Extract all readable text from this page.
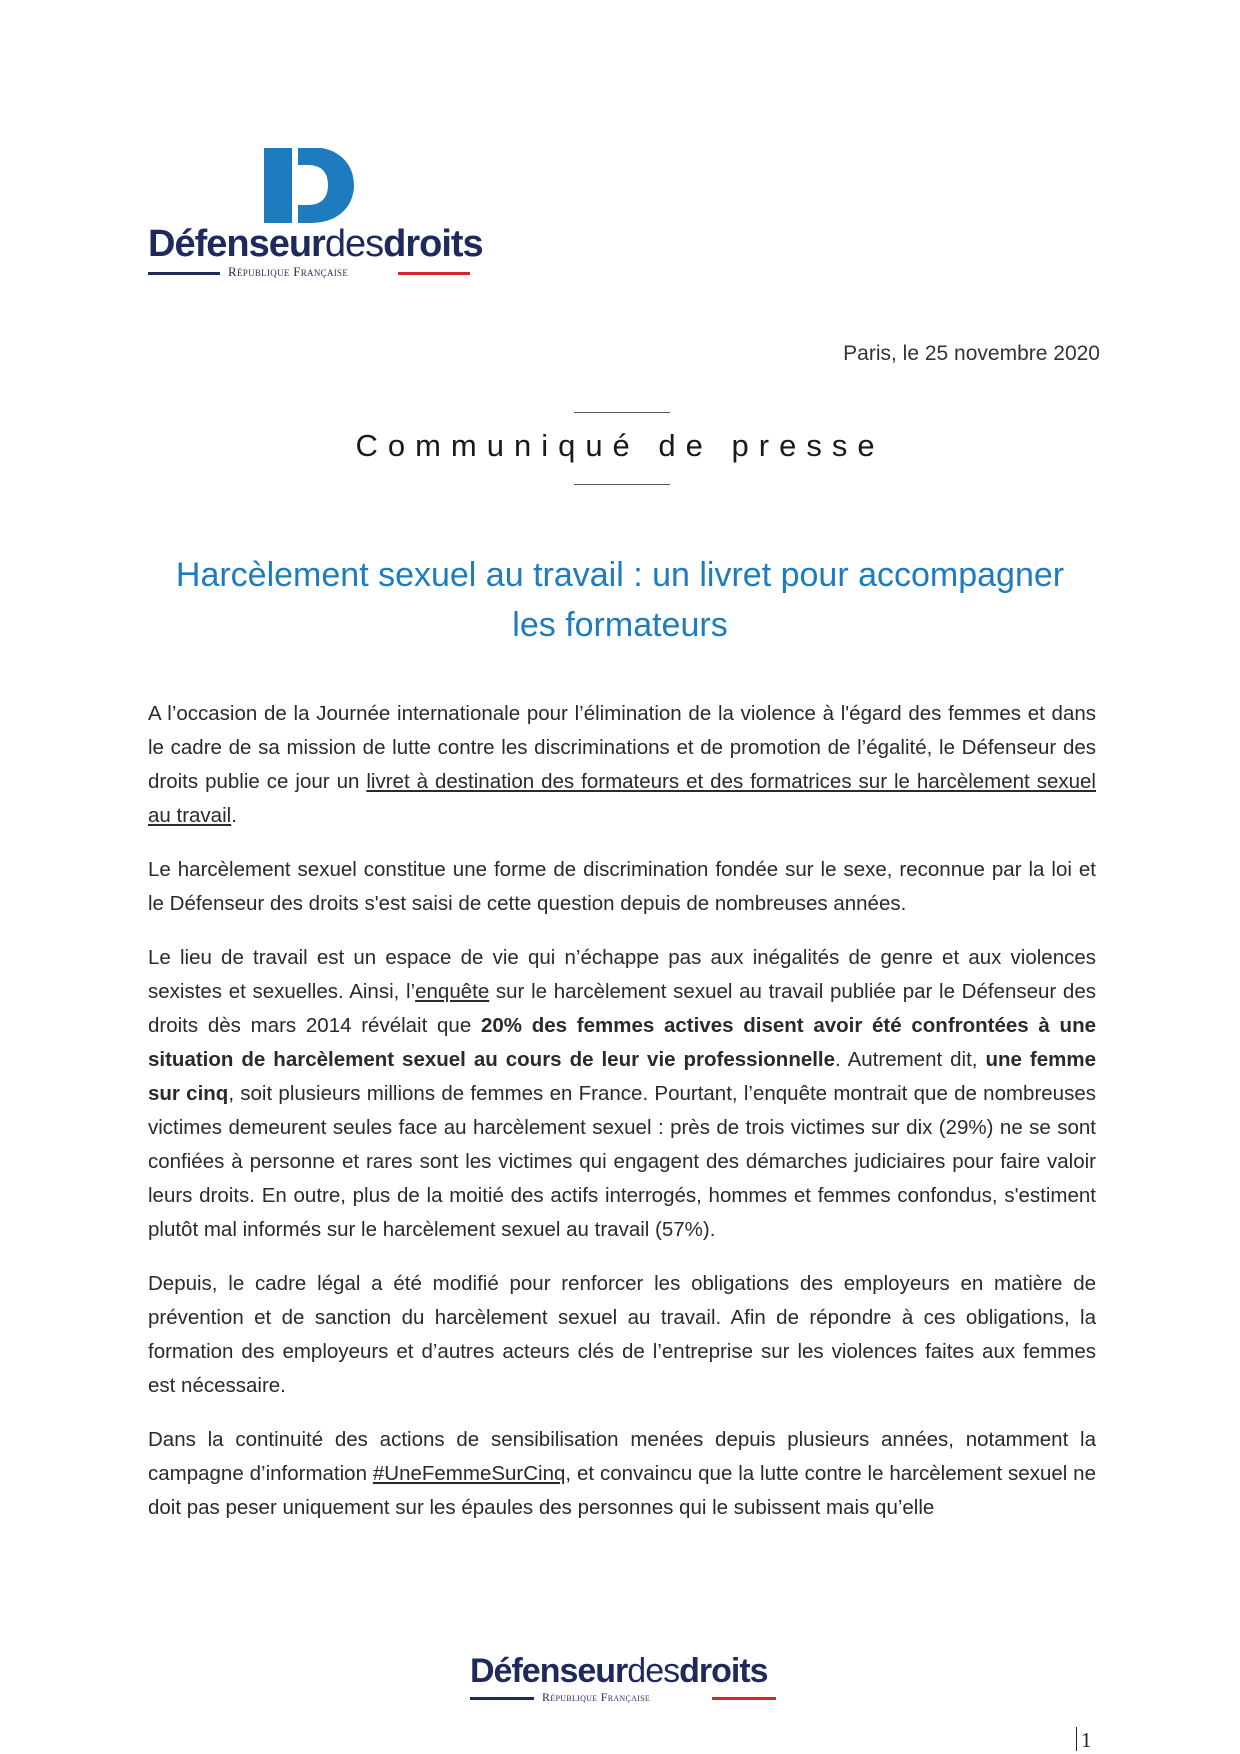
Défenseurdesdroits
République Française
Paris, le 25 novembre 2020
Communiqué de presse
Harcèlement sexuel au travail : un livret pour accompagner
les formateurs

A l’occasion de la Journée internationale pour l’élimination de la violence à l'égard des femmes et dans le cadre de sa mission de lutte contre les discriminations et de promotion de l’égalité, le Défenseur des droits publie ce jour un livret à destination des formateurs et des formatrices sur le harcèlement sexuel au travail.

Le harcèlement sexuel constitue une forme de discrimination fondée sur le sexe, reconnue par la loi et le Défenseur des droits s'est saisi de cette question depuis de nombreuses années.

Le lieu de travail est un espace de vie qui n’échappe pas aux inégalités de genre et aux violences sexistes et sexuelles. Ainsi, l’enquête sur le harcèlement sexuel au travail publiée par le Défenseur des droits dès mars 2014 révélait que 20% des femmes actives disent avoir été confrontées à une situation de harcèlement sexuel au cours de leur vie professionnelle. Autrement dit, une femme sur cinq, soit plusieurs millions de femmes en France. Pourtant, l’enquête montrait que de nombreuses victimes demeurent seules face au harcèlement sexuel : près de trois victimes sur dix (29%) ne se sont confiées à personne et rares sont les victimes qui engagent des démarches judiciaires pour faire valoir leurs droits. En outre, plus de la moitié des actifs interrogés, hommes et femmes confondus, s'estiment plutôt mal informés sur le harcèlement sexuel au travail (57%).

Depuis, le cadre légal a été modifié pour renforcer les obligations des employeurs en matière de prévention et de sanction du harcèlement sexuel au travail. Afin de répondre à ces obligations, la formation des employeurs et d’autres acteurs clés de l’entreprise sur les violences faites aux femmes est nécessaire.

Dans la continuité des actions de sensibilisation menées depuis plusieurs années, notamment la campagne d’information #UneFemmeSurCinq, et convaincu que la lutte contre le harcèlement sexuel ne doit pas peser uniquement sur les épaules des personnes qui le subissent mais qu’elle

Défenseurdesdroits
République Française
1
